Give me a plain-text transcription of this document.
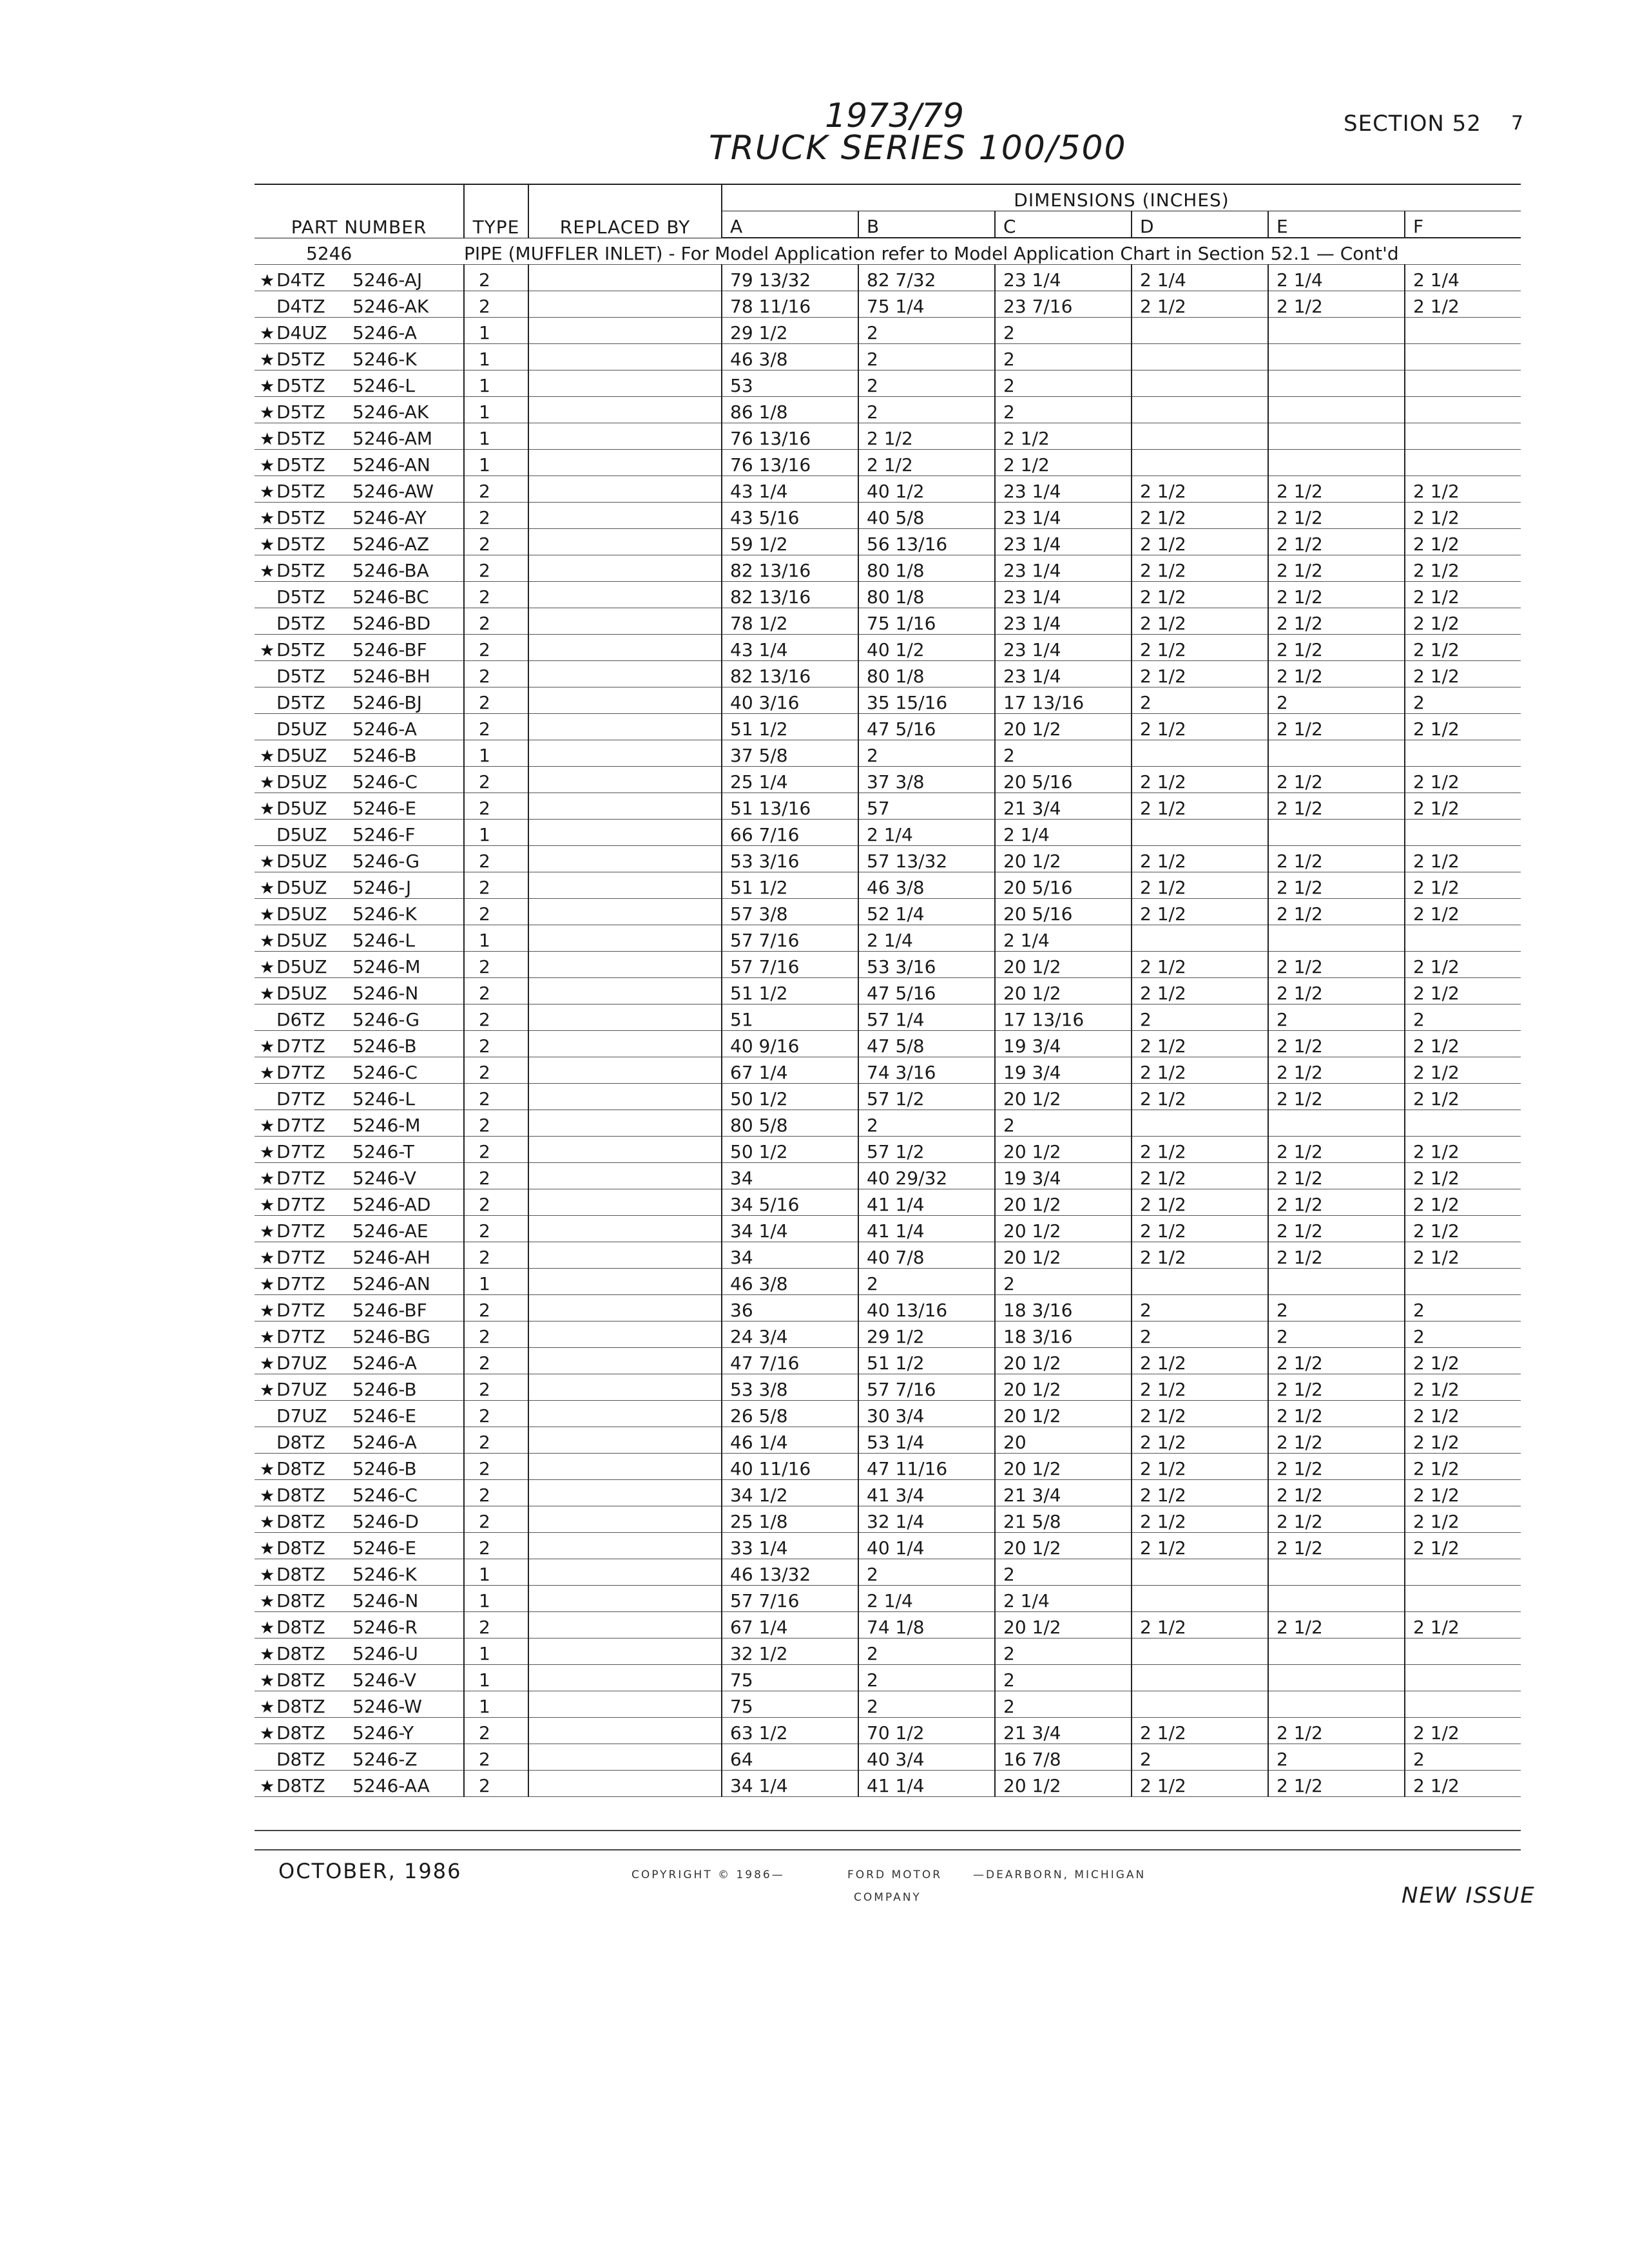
1973/79
TRUCK SERIES 100/500
SECTION 52 7
PART NUMBER	TYPE	REPLACED BY	DIMENSIONS (INCHES)					
			A	B	C	D	E	F
5246	PIPE (MUFFLER INLET) - For Model Application refer to Model Application Chart in Section 52.1 — Cont'd							
★D4TZ 5246-AJ	2		79 13/32	82 7/32	23 1/4	2 1/4	2 1/4	2 1/4
D4TZ 5246-AK	2		78 11/16	75 1/4	23 7/16	2 1/2	2 1/2	2 1/2
★D4UZ 5246-A	1		29 1/2	2	2			
★D5TZ 5246-K	1		46 3/8	2	2			
★D5TZ 5246-L	1		53	2	2			
★D5TZ 5246-AK	1		86 1/8	2	2			
★D5TZ 5246-AM	1		76 13/16	2 1/2	2 1/2			
★D5TZ 5246-AN	1		76 13/16	2 1/2	2 1/2			
★D5TZ 5246-AW	2		43 1/4	40 1/2	23 1/4	2 1/2	2 1/2	2 1/2
★D5TZ 5246-AY	2		43 5/16	40 5/8	23 1/4	2 1/2	2 1/2	2 1/2
★D5TZ 5246-AZ	2		59 1/2	56 13/16	23 1/4	2 1/2	2 1/2	2 1/2
★D5TZ 5246-BA	2		82 13/16	80 1/8	23 1/4	2 1/2	2 1/2	2 1/2
D5TZ 5246-BC	2		82 13/16	80 1/8	23 1/4	2 1/2	2 1/2	2 1/2
D5TZ 5246-BD	2		78 1/2	75 1/16	23 1/4	2 1/2	2 1/2	2 1/2
★D5TZ 5246-BF	2		43 1/4	40 1/2	23 1/4	2 1/2	2 1/2	2 1/2
D5TZ 5246-BH	2		82 13/16	80 1/8	23 1/4	2 1/2	2 1/2	2 1/2
D5TZ 5246-BJ	2		40 3/16	35 15/16	17 13/16	2	2	2
D5UZ 5246-A	2		51 1/2	47 5/16	20 1/2	2 1/2	2 1/2	2 1/2
★D5UZ 5246-B	1		37 5/8	2	2			
★D5UZ 5246-C	2		25 1/4	37 3/8	20 5/16	2 1/2	2 1/2	2 1/2
★D5UZ 5246-E	2		51 13/16	57	21 3/4	2 1/2	2 1/2	2 1/2
D5UZ 5246-F	1		66 7/16	2 1/4	2 1/4			
★D5UZ 5246-G	2		53 3/16	57 13/32	20 1/2	2 1/2	2 1/2	2 1/2
★D5UZ 5246-J	2		51 1/2	46 3/8	20 5/16	2 1/2	2 1/2	2 1/2
★D5UZ 5246-K	2		57 3/8	52 1/4	20 5/16	2 1/2	2 1/2	2 1/2
★D5UZ 5246-L	1		57 7/16	2 1/4	2 1/4			
★D5UZ 5246-M	2		57 7/16	53 3/16	20 1/2	2 1/2	2 1/2	2 1/2
★D5UZ 5246-N	2		51 1/2	47 5/16	20 1/2	2 1/2	2 1/2	2 1/2
D6TZ 5246-G	2		51	57 1/4	17 13/16	2	2	2
★D7TZ 5246-B	2		40 9/16	47 5/8	19 3/4	2 1/2	2 1/2	2 1/2
★D7TZ 5246-C	2		67 1/4	74 3/16	19 3/4	2 1/2	2 1/2	2 1/2
D7TZ 5246-L	2		50 1/2	57 1/2	20 1/2	2 1/2	2 1/2	2 1/2
★D7TZ 5246-M	2		80 5/8	2	2			
★D7TZ 5246-T	2		50 1/2	57 1/2	20 1/2	2 1/2	2 1/2	2 1/2
★D7TZ 5246-V	2		34	40 29/32	19 3/4	2 1/2	2 1/2	2 1/2
★D7TZ 5246-AD	2		34 5/16	41 1/4	20 1/2	2 1/2	2 1/2	2 1/2
★D7TZ 5246-AE	2		34 1/4	41 1/4	20 1/2	2 1/2	2 1/2	2 1/2
★D7TZ 5246-AH	2		34	40 7/8	20 1/2	2 1/2	2 1/2	2 1/2
★D7TZ 5246-AN	1		46 3/8	2	2			
★D7TZ 5246-BF	2		36	40 13/16	18 3/16	2	2	2
★D7TZ 5246-BG	2		24 3/4	29 1/2	18 3/16	2	2	2
★D7UZ 5246-A	2		47 7/16	51 1/2	20 1/2	2 1/2	2 1/2	2 1/2
★D7UZ 5246-B	2		53 3/8	57 7/16	20 1/2	2 1/2	2 1/2	2 1/2
D7UZ 5246-E	2		26 5/8	30 3/4	20 1/2	2 1/2	2 1/2	2 1/2
D8TZ 5246-A	2		46 1/4	53 1/4	20	2 1/2	2 1/2	2 1/2
★D8TZ 5246-B	2		40 11/16	47 11/16	20 1/2	2 1/2	2 1/2	2 1/2
★D8TZ 5246-C	2		34 1/2	41 3/4	21 3/4	2 1/2	2 1/2	2 1/2
★D8TZ 5246-D	2		25 1/8	32 1/4	21 5/8	2 1/2	2 1/2	2 1/2
★D8TZ 5246-E	2		33 1/4	40 1/4	20 1/2	2 1/2	2 1/2	2 1/2
★D8TZ 5246-K	1		46 13/32	2	2			
★D8TZ 5246-N	1		57 7/16	2 1/4	2 1/4			
★D8TZ 5246-R	2		67 1/4	74 1/8	20 1/2	2 1/2	2 1/2	2 1/2
★D8TZ 5246-U	1		32 1/2	2	2			
★D8TZ 5246-V	1		75	2	2			
★D8TZ 5246-W	1		75	2	2			
★D8TZ 5246-Y	2		63 1/2	70 1/2	21 3/4	2 1/2	2 1/2	2 1/2
D8TZ 5246-Z	2		64	40 3/4	16 7/8	2	2	2
★D8TZ 5246-AA	2		34 1/4	41 1/4	20 1/2	2 1/2	2 1/2	2 1/2
OCTOBER, 1986	COPYRIGHT © 1986—	FORD MOTOR
COMPANY
—DEARBORN, MICHIGAN
NEW ISSUE
